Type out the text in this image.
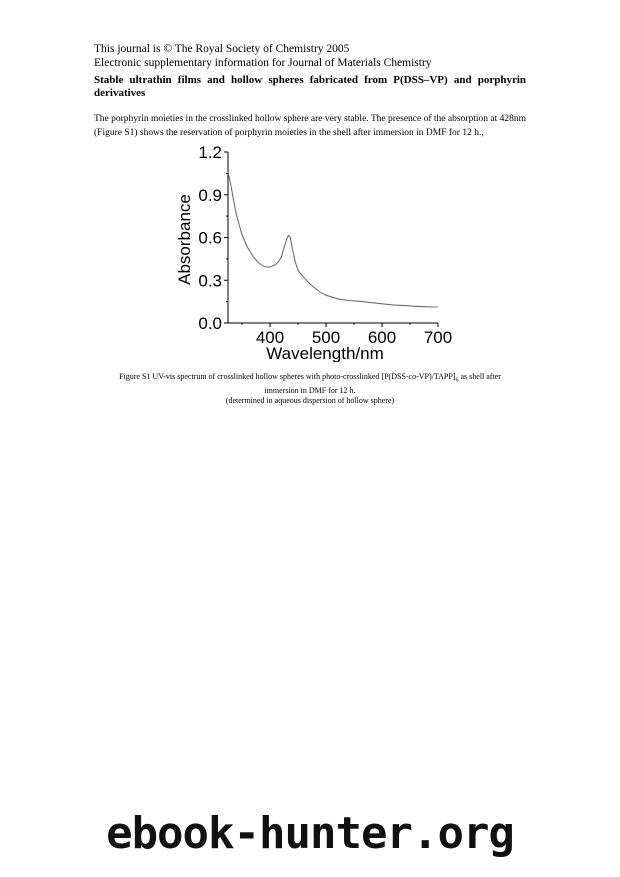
This journal is © The Royal Society of Chemistry 2005
Electronic supplementary information for Journal of Materials Chemistry
Stable ultrathin films and hollow spheres fabricated from P(DSS–VP) and porphyrin derivatives
The porphyrin moieties in the crosslinked hollow sphere are very stable. The presence of the absorption at 428nm (Figure S1) shows the reservation of porphyrin moieties in the shell after immersion in DMF for 12 h.,
0.0
0.3
0.6
0.9
1.2
400 500 600 700
Wavelength/nm
Absorbance
Figure S1 UV-vis spectrum of crosslinked hollow spheres with photo-crosslinked $[P(DSS-co-VP)/TAPP]_6$ as shell after
immersion in DMF for 12 h.
(determined in aqueous dispersion of hollow sphere)
ebook-hunter.org
